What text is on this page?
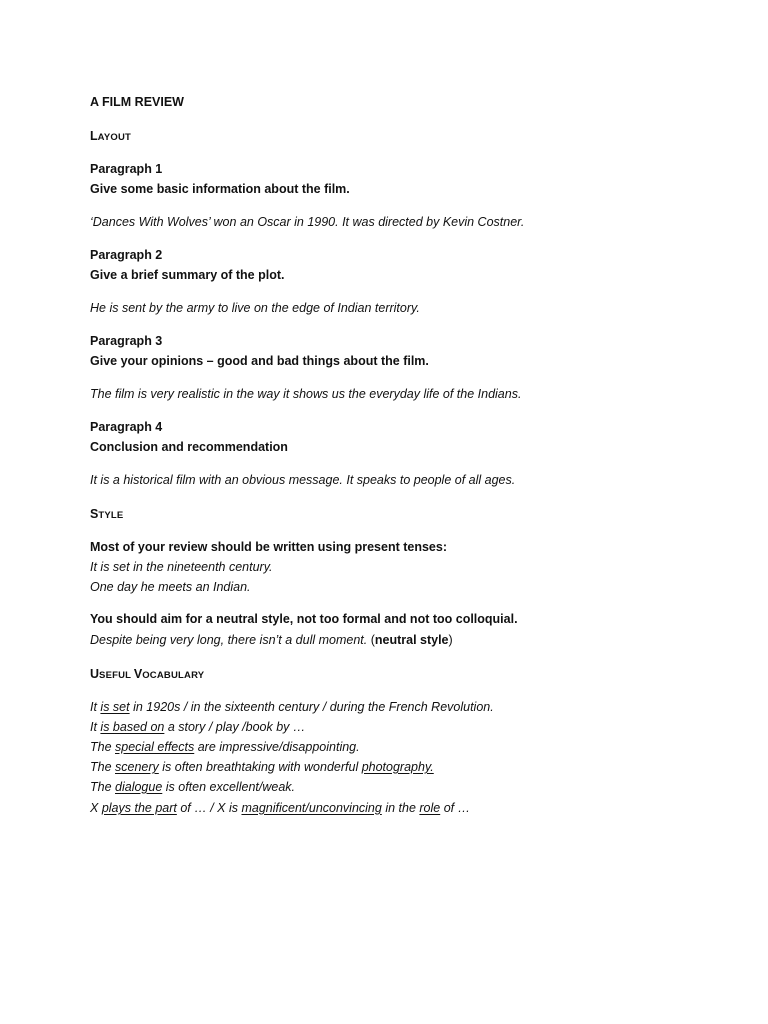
A FILM REVIEW
LAYOUT
Paragraph 1
Give some basic information about the film.
‘Dances With Wolves’ won an Oscar in 1990. It was directed by Kevin Costner.
Paragraph 2
Give a brief summary of the plot.
He is sent by the army to live on the edge of Indian territory.
Paragraph 3
Give your opinions – good and bad things about the film.
The film is very realistic in the way it shows us the everyday life of the Indians.
Paragraph 4
Conclusion and recommendation
It is a historical film with an obvious message. It speaks to people of all ages.
STYLE
Most of your review should be written using present tenses:
It is set in the nineteenth century.
One day he meets an Indian.
You should aim for a neutral style, not too formal and not too colloquial.
Despite being very long, there isn’t a dull moment. (neutral style)
USEFUL VOCABULARY
It is set in 1920s / in the sixteenth century / during the French Revolution.
It is based on a story / play /book by …
The special effects are impressive/disappointing.
The scenery is often breathtaking with wonderful photography.
The dialogue is often excellent/weak.
X plays the part of … / X is magnificent/unconvincing in the role of …
